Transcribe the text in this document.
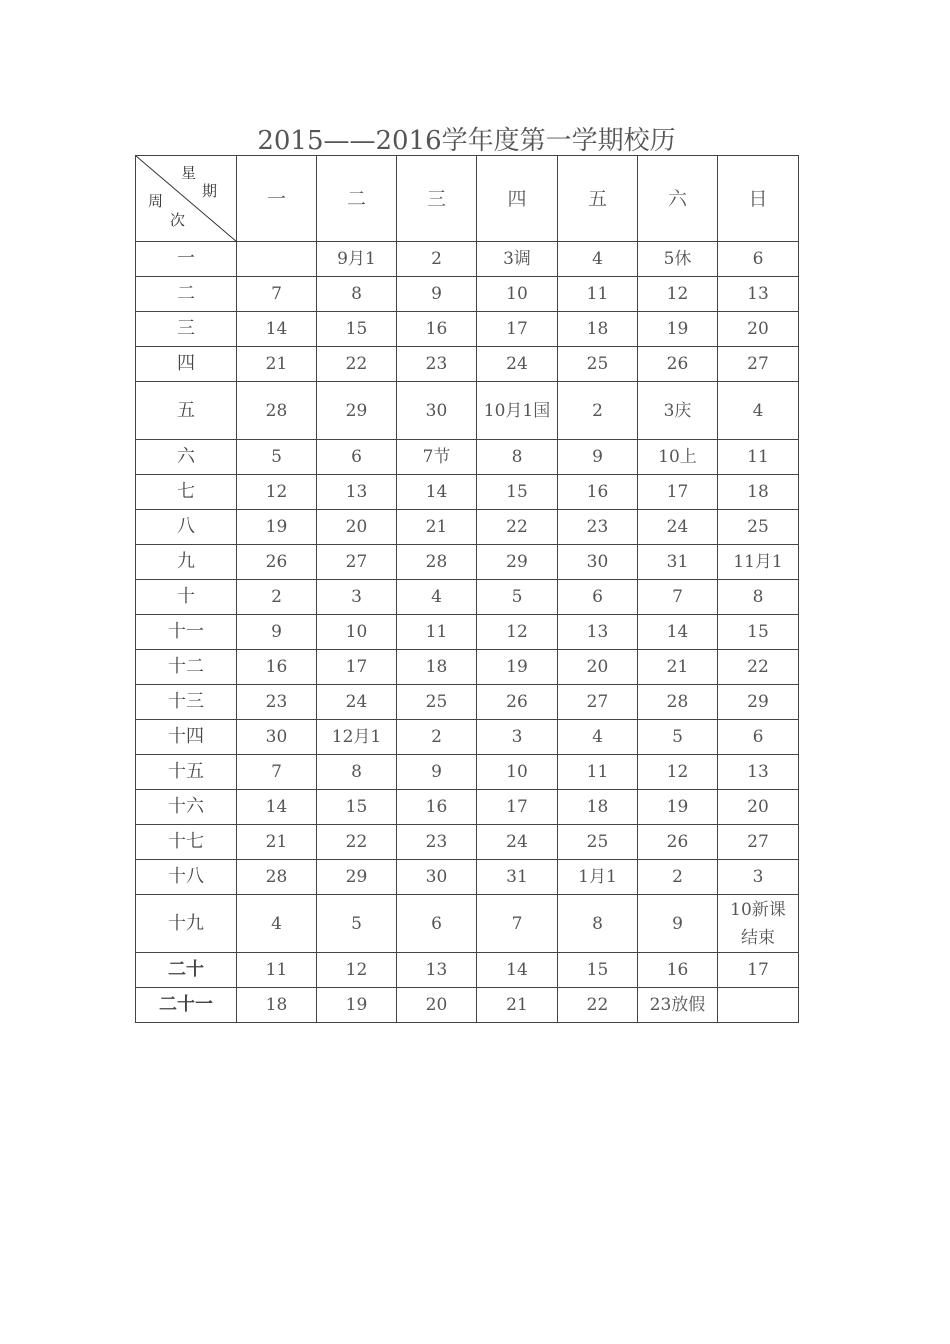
2015——2016学年度第一学期校历
星
期
周
次	一	二	三	四	五	六	日
一		9月1	2	3调	4	5休	6
二	7	8	9	10	11	12	13
三	14	15	16	17	18	19	20
四	21	22	23	24	25	26	27
五	28	29	30	10月1国	2	3庆	4
六	5	6	7节	8	9	10上	11
七	12	13	14	15	16	17	18
八	19	20	21	22	23	24	25
九	26	27	28	29	30	31	11月1
十	2	3	4	5	6	7	8
十一	9	10	11	12	13	14	15
十二	16	17	18	19	20	21	22
十三	23	24	25	26	27	28	29
十四	30	12月1	2	3	4	5	6
十五	7	8	9	10	11	12	13
十六	14	15	16	17	18	19	20
十七	21	22	23	24	25	26	27
十八	28	29	30	31	1月1	2	3
十九	4	5	6	7	8	9	10新课结束
二十	11	12	13	14	15	16	17
二十一	18	19	20	21	22	23放假	
